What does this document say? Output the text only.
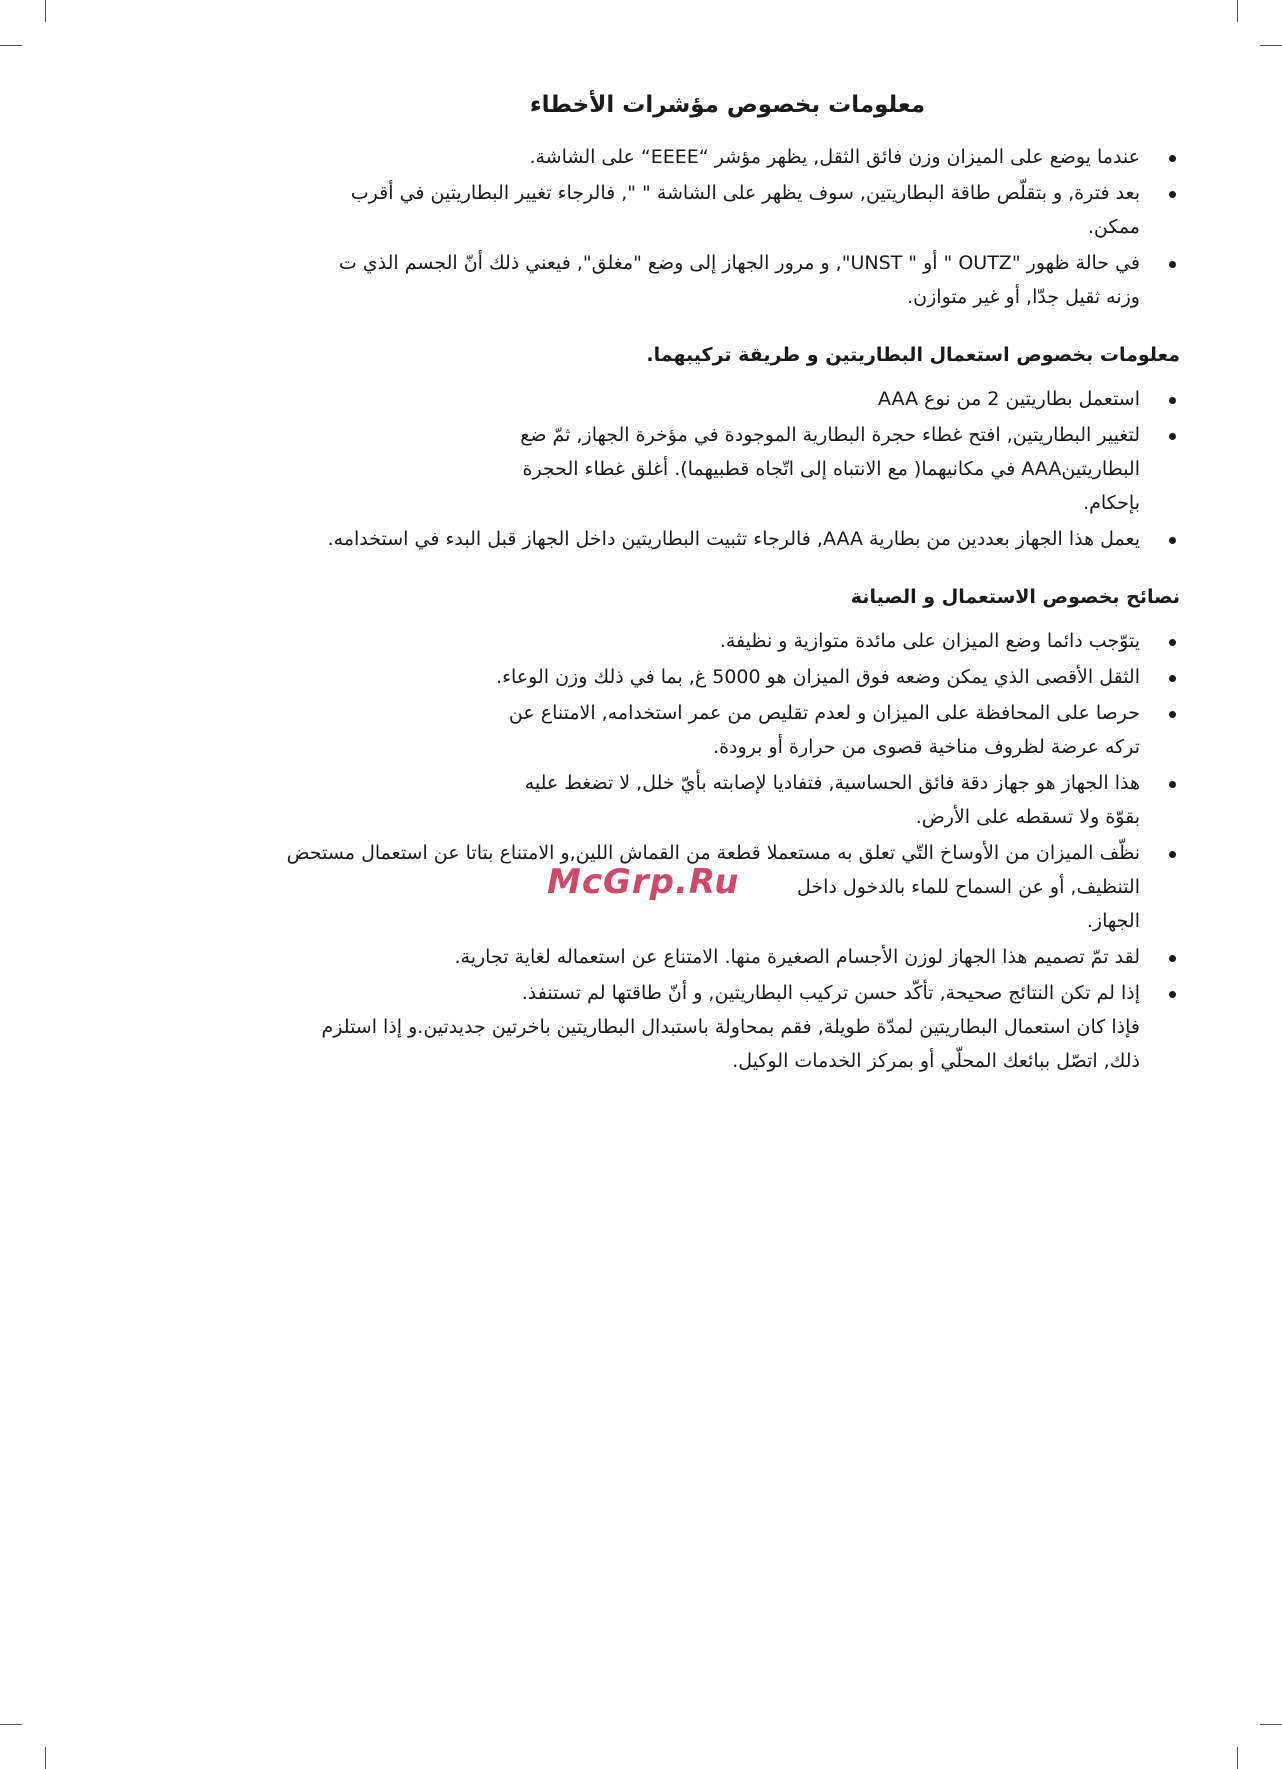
معلومات بخصوص مؤشرات الأخطاء
عندما يوضع على الميزان وزن فائق الثقل, يظهر مؤشر “EEEE“ على الشاشة.
بعد فترة, و بتقلّص طاقة البطاريتين, سوف يظهر على الشاشة " ", فالرجاء تغيير البطاريتين في أقرب
ممكن.
في حالة ظهور "OUTZ " أو " UNST", و مرور الجهاز إلى وضع "مغلق", فيعني ذلك أنّ الجسم الذي ت
وزنه ثقيل جدّا, أو غير متوازن.
معلومات بخصوص استعمال البطاريتين و طريقة تركيبهما.
استعمل بطاريتين 2 من نوع AAA
لتغيير البطاريتين, افتح غطاء حجرة البطارية الموجودة في مؤخرة الجهاز, ثمّ ضع
البطاريتينAAA في مكانيهما( مع الانتباه إلى اتّجاه قطبيهما). أغلق غطاء الحجرة
بإحكام.
يعمل هذا الجهاز بعددين من بطارية AAA, فالرجاء تثبيت البطاريتين داخل الجهاز قبل البدء في استخدامه.
نصائح بخصوص الاستعمال و الصيانة
يتوّجب دائما وضع الميزان على مائدة متوازية و نظيفة.
الثقل الأقصى الذي يمكن وضعه فوق الميزان هو 5000 غ, بما في ذلك وزن الوعاء.
حرصا على المحافظة على الميزان و لعدم تقليص من عمر استخدامه, الامتناع عن
تركه عرضة لظروف مناخية قصوى من حرارة أو برودة.
هذا الجهاز هو جهاز دقة فائق الحساسية, فتفاديا لإصابته بأيّ خلل, لا تضغط عليه
بقوّة ولا تسقطه على الأرض.
نظّف الميزان من الأوساخ التّي تعلق به مستعملا قطعة من القماش اللين,و الامتناع بتاتا عن استعمال مستحض
التنظيف, أو عن السماح للماء بالدخول داخل
الجهاز.
لقد تمّ تصميم هذا الجهاز لوزن الأجسام الصغيرة منها. الامتناع عن استعماله لغاية تجارية.
إذا لم تكن النتائج صحيحة, تأكّد حسن تركيب البطاريتين, و أنّ طاقتها لم تستنفذ.
فإذا كان استعمال البطاريتين لمدّة طويلة, فقم بمحاولة باستبدال البطاريتين باخرتين جديدتين.و إذا استلزم
ذلك, اتصّل ببائعك المحلّي أو بمركز الخدمات الوكيل.
McGrp.Ru
